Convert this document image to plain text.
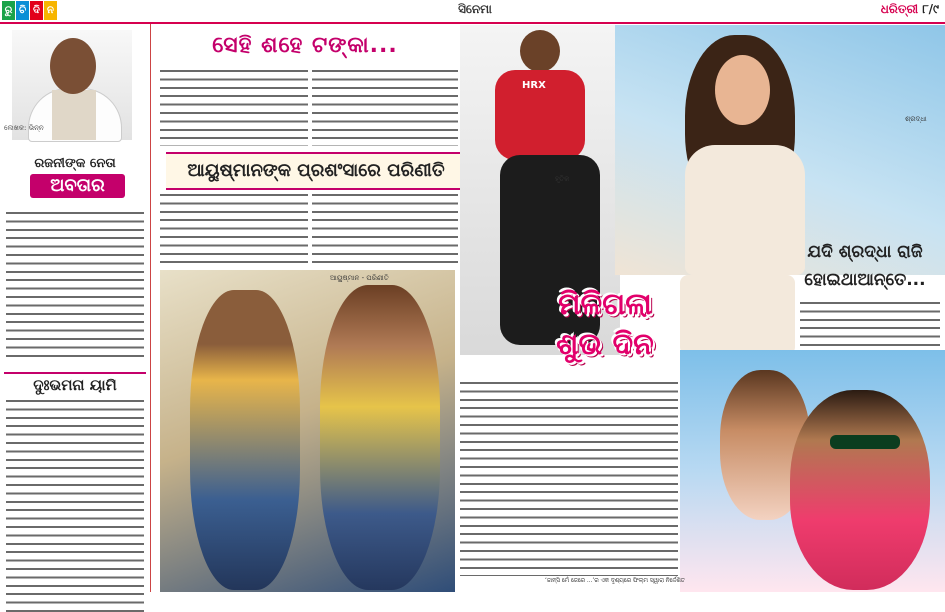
ରୁ ଚି ଦି ନ	ସିନେମା	ଧରିତ୍ରୀ ୮/୯
ଲେଖକ: ଭିନ୍ନ
ରଜନୀଙ୍କ ନେତା
ଅବତାର
ଦୁଃଭମନା ୟାମି
ସେହି ଶହେ ଟଙ୍କା...
ଆୟୁଷ୍ମାନଙ୍କ ପ୍ରଶଂସାରେ ପରିଣୀତି
ଆୟୁଷ୍ମାନ - ପରିଣୀତି
HRX
ହୃତିକ
ଶ୍ରଦ୍ଧା
ଯଦି ଶ୍ରଦ୍ଧା ରାଜି
ହୋଇଥାଆନ୍ତେ...
ମିଳିଗଲା
ଶୁଭ ଦିନ
‘ଚ୍ଚାନ୍ସି ମେଁ ଜେରେ ...’ର ଏକ ଦୃଶ୍ୟରେ ଫିଲ୍ମ ସ୍ୱାରା ନିର୍ଦ୍ଦେଶିତ
